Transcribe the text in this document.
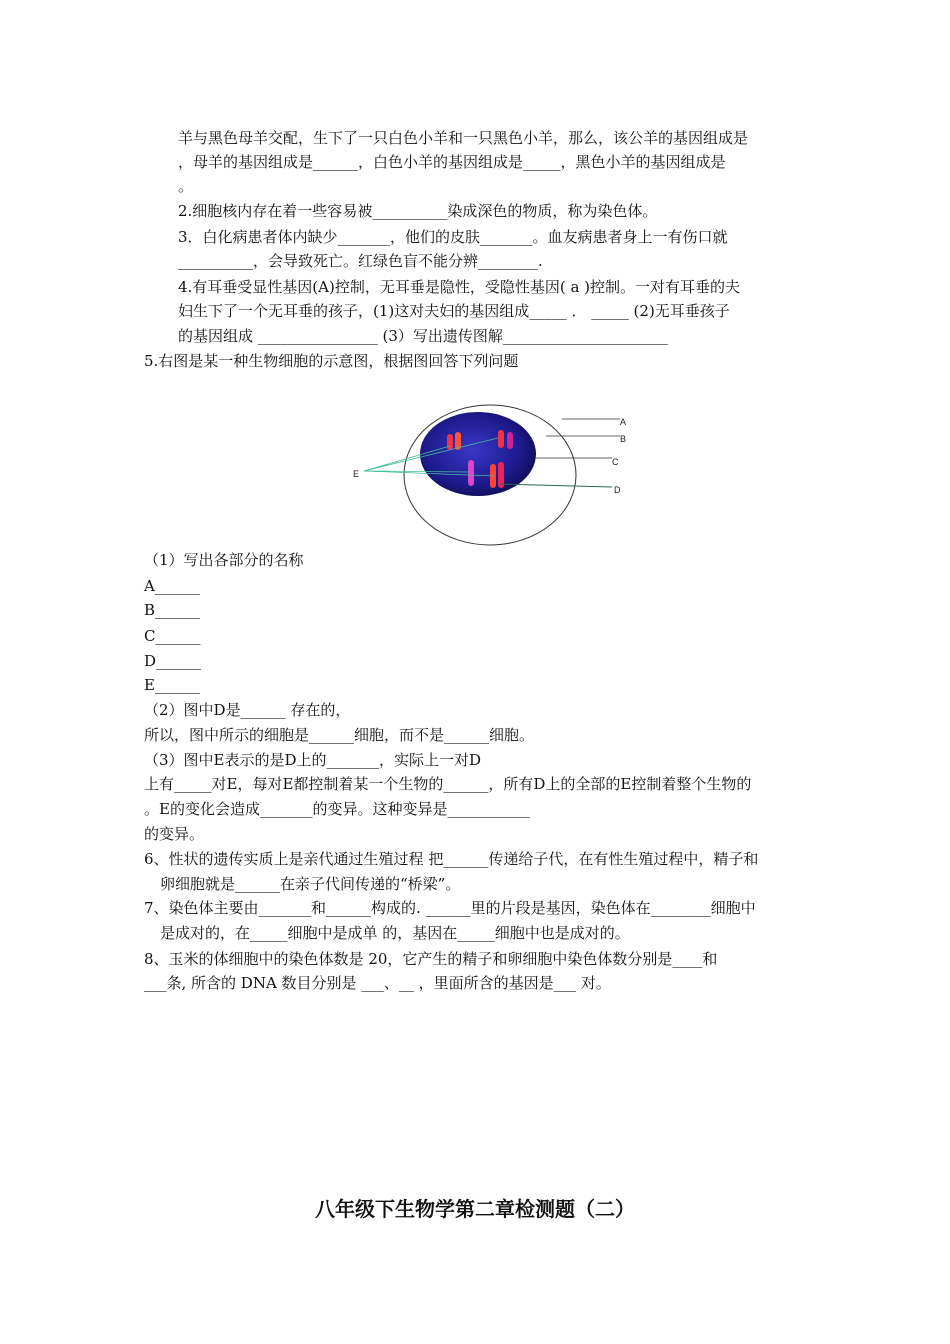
羊与黑色母羊交配，生下了一只白色小羊和一只黑色小羊，那么，该公羊的基因组成是
，母羊的基因组成是______，白色小羊的基因组成是_____，黑色小羊的基因组成是
。
2.细胞核内存在着一些容易被__________染成深色的物质，称为染色体。
3．白化病患者体内缺少_______，他们的皮肤_______。血友病患者身上一有伤口就
__________，会导致死亡。红绿色盲不能分辨________.
4.有耳垂受显性基因(A)控制，无耳垂是隐性，受隐性基因( a )控制。一对有耳垂的夫
妇生下了一个无耳垂的孩子，(1)这对夫妇的基因组成_____ ． _____ (2)无耳垂孩子
的基因组成 ________________ (3）写出遗传图解______________________
5.右图是某一种生物细胞的示意图，根据图回答下列问题
A
B
C
D
E
（1）写出各部分的名称
A______
B______
C______
D______
E______
（2）图中D是______ 存在的，
所以，图中所示的细胞是______细胞，而不是______细胞。
（3）图中E表示的是D上的_______，实际上一对D
上有_____对E，每对E都控制着某一个生物的______，所有D上的全部的E控制着整个生物的
。E的变化会造成_______的变异。这种变异是___________
的变异。
6、性状的遗传实质上是亲代通过生殖过程 把______传递给子代，在有性生殖过程中，精子和
卵细胞就是______在亲子代间传递的“桥梁”。
7、染色体主要由_______和______构成的. ______里的片段是基因，染色体在________细胞中
是成对的，在_____细胞中是成单 的，基因在_____细胞中也是成对的。
8、玉米的体细胞中的染色体数是 20，它产生的精子和卵细胞中染色体数分别是____和
___条, 所含的 DNA 数目分别是 ___、__ ，里面所含的基因是___ 对。
八年级下生物学第二章检测题（二）
